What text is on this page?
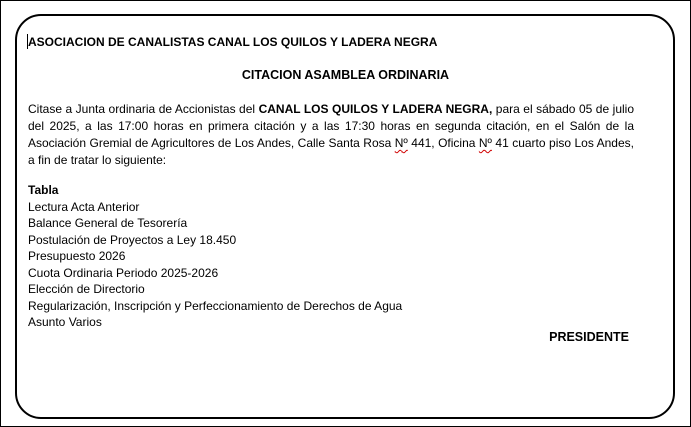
ASOCIACION DE CANALISTAS CANAL LOS QUILOS Y LADERA NEGRA
CITACION ASAMBLEA ORDINARIA
Citase a Junta ordinaria de Accionistas del CANAL LOS QUILOS Y LADERA NEGRA, para el sábado 05 de julio del 2025, a las 17:00 horas en primera citación y a las 17:30 horas en segunda citación, en el Salón de la Asociación Gremial de Agricultores de Los Andes, Calle Santa Rosa Nº 441, Oficina Nº 41 cuarto piso Los Andes, a fin de tratar lo siguiente:
Tabla
Lectura Acta Anterior
Balance General de Tesorería
Postulación de Proyectos a Ley 18.450
Presupuesto 2026
Cuota Ordinaria Periodo 2025-2026
Elección de Directorio
Regularización, Inscripción y Perfeccionamiento de Derechos de Agua
Asunto Varios
PRESIDENTE
